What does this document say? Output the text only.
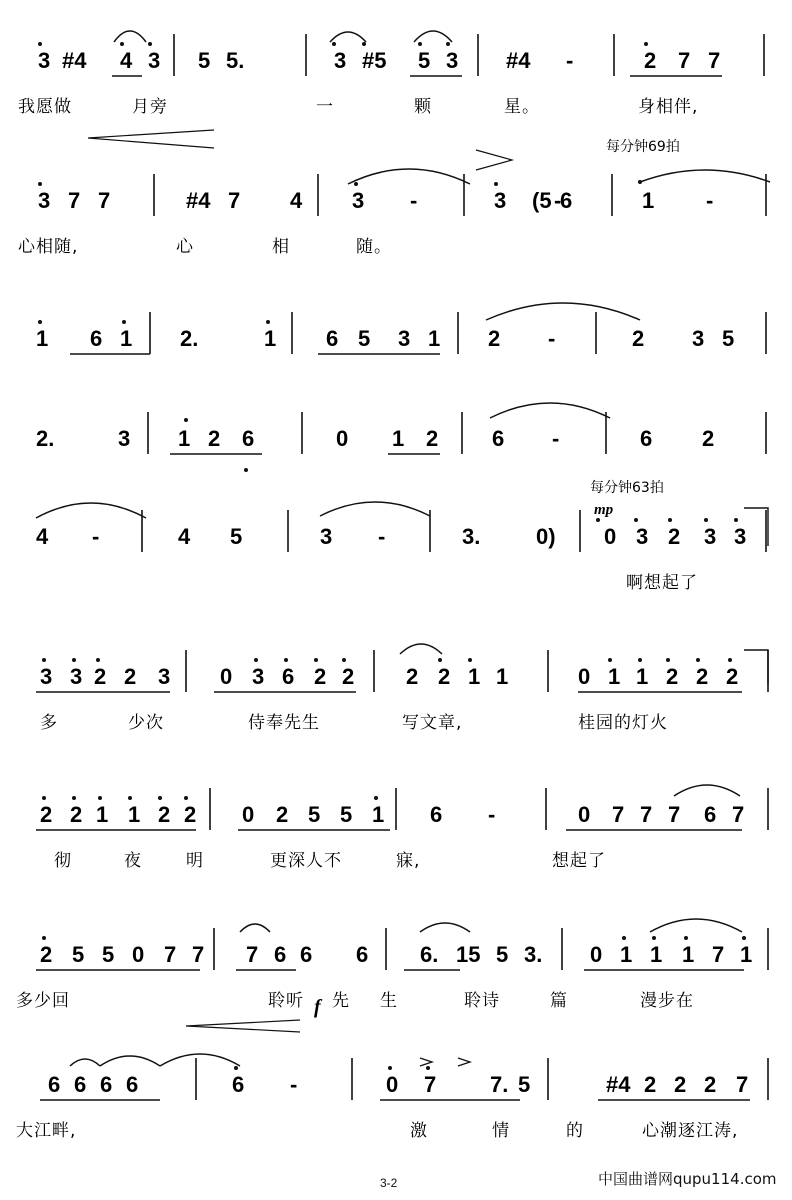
3 #4 4 3 5 5.	3 #5 5 3 #4 -	2 7 7
3 7 7	#4 7 4 3 -	3 -
(5 6	1 -
1 6 1 2.	1 6 5 3 1 2 -	2 3 5
2.	3 1 2 6	0 1 2 6 -	6 2
4 -	4 5	3 -	3.	0) 0 3 2 3 3
3 3 2 2 3 0 3 6 2 2 2 2 1 1	0 1 1 2 2 2
2 2 1 1 2 2 0 2 5 5 1 6 -	0 7 7 7 6 7
2 5 5 0 7 7 7 6 6 6 6. 15 5 3. 0 1 1 1 7 1
6 6 6 6	6 -	0 7 7. 5	#4 2 2 2 7
我愿做	月旁	一	颗	星。	身相伴,
心相随,	心	相	随。
啊想起了
多	少次	侍奉先生	写文章,	桂园的灯火
彻	夜	明	更深人不	寐,	想起了
多少回	聆听 先 生	聆诗	篇	漫步在
大江畔,	激	情	的	心潮逐江涛,
每分钟69拍
每分钟63拍
mp
f
3-2	中国曲谱网qupu114.com
